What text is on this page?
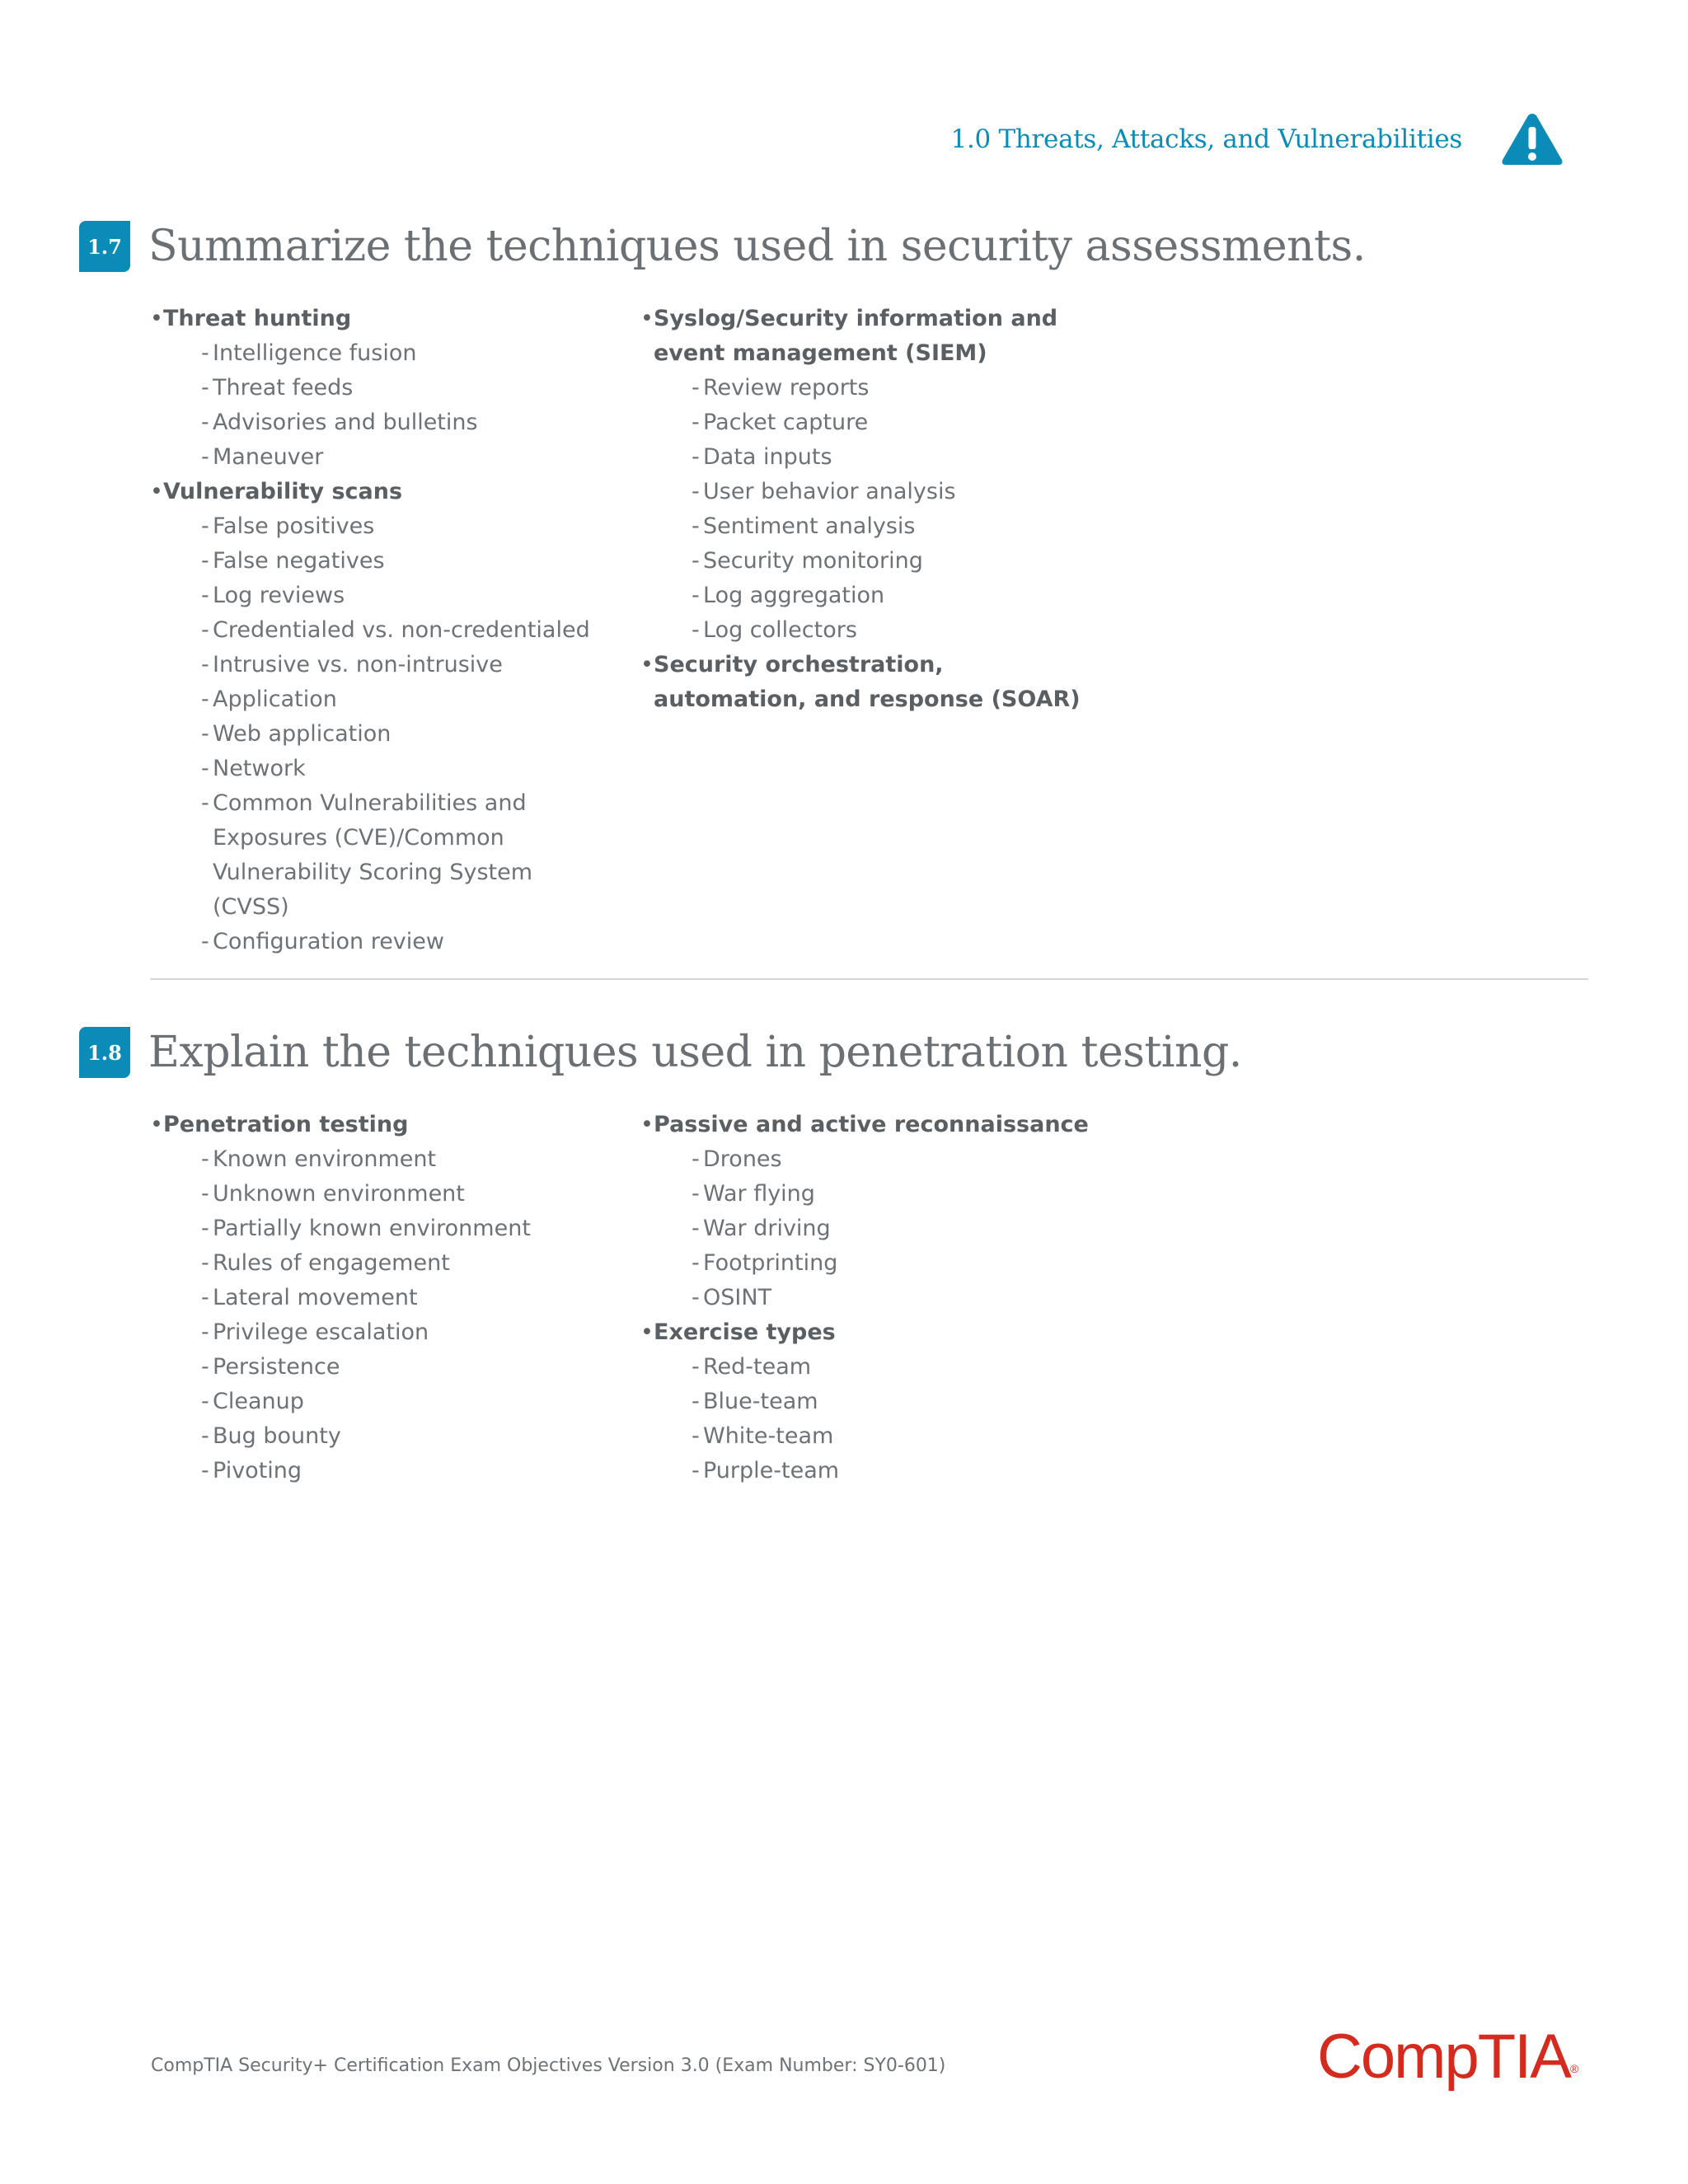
1.0 Threats, Attacks, and Vulnerabilities
1.7 Summarize the techniques used in security assessments.
• Threat hunting
- Intelligence fusion
- Threat feeds
- Advisories and bulletins
- Maneuver
• Vulnerability scans
- False positives
- False negatives
- Log reviews
- Credentialed vs. non-credentialed
- Intrusive vs. non-intrusive
- Application
- Web application
- Network
- Common Vulnerabilities and Exposures (CVE)/Common Vulnerability Scoring System (CVSS)
- Configuration review
• Syslog/Security information and event management (SIEM)
- Review reports
- Packet capture
- Data inputs
- User behavior analysis
- Sentiment analysis
- Security monitoring
- Log aggregation
- Log collectors
• Security orchestration, automation, and response (SOAR)
1.8 Explain the techniques used in penetration testing.
• Penetration testing
- Known environment
- Unknown environment
- Partially known environment
- Rules of engagement
- Lateral movement
- Privilege escalation
- Persistence
- Cleanup
- Bug bounty
- Pivoting
• Passive and active reconnaissance
- Drones
- War flying
- War driving
- Footprinting
- OSINT
• Exercise types
- Red-team
- Blue-team
- White-team
- Purple-team
CompTIA Security+ Certification Exam Objectives Version 3.0 (Exam Number: SY0-601)	CompTIA®
